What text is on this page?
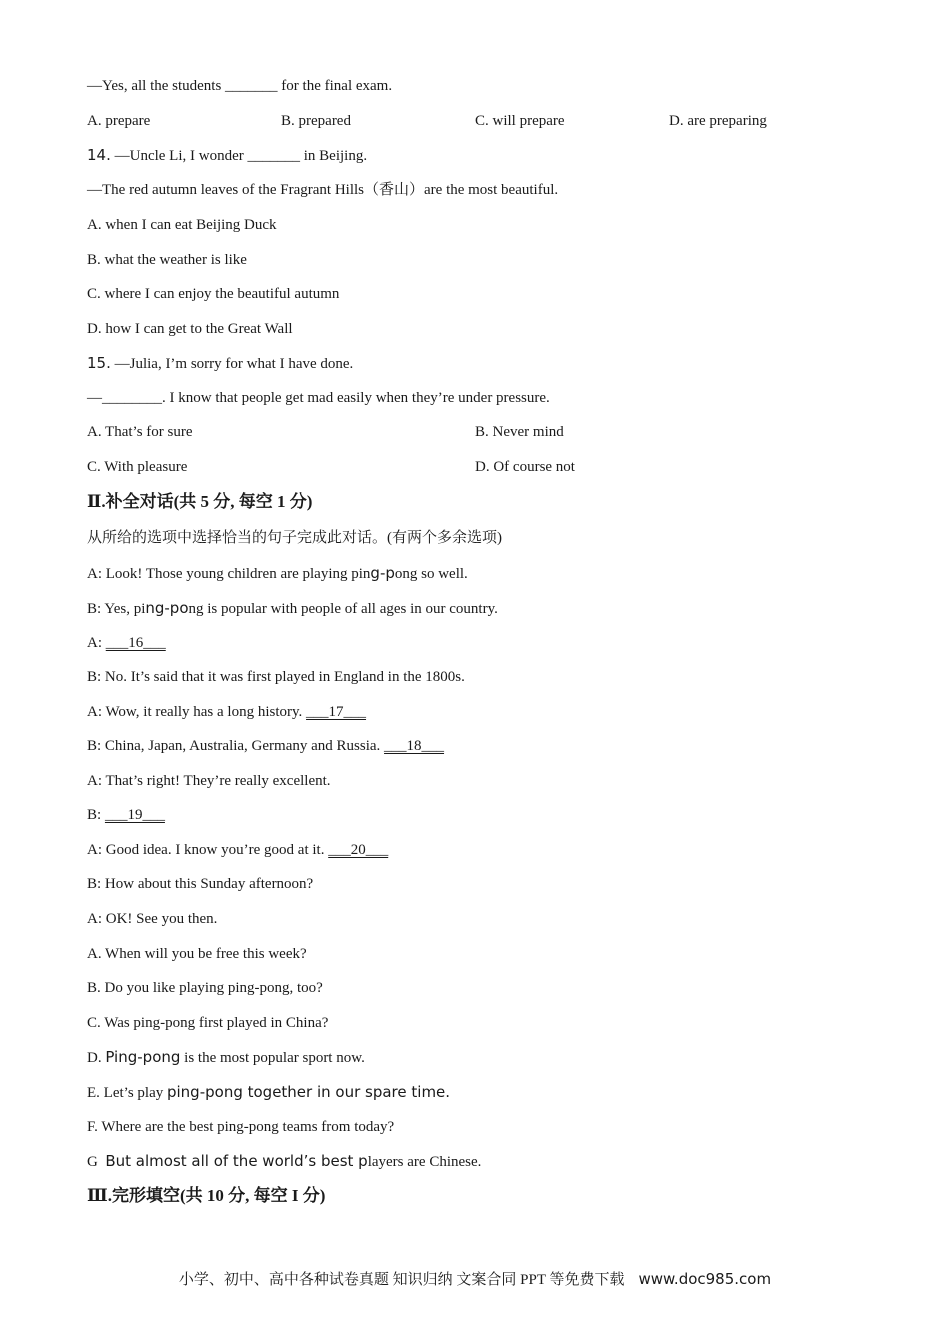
—Yes, all the students _______ for the final exam.
A. prepare	B. prepared	C. will prepare	D. are preparing
14. —Uncle Li, I wonder _______ in Beijing.
—The red autumn leaves of the Fragrant Hills（香山）are the most beautiful.
A. when I can eat Beijing Duck
B. what the weather is like
C. where I can enjoy the beautiful autumn
D. how I can get to the Great Wall
15. —Julia, I’m sorry for what I have done.
—________. I know that people get mad easily when they’re under pressure.
A. That’s for sure	B. Never mind
C. With pleasure	D. Of course not
Ⅱ.补全对话(共 5 分, 每空 1 分)
从所给的选项中选择恰当的句子完成此对话。(有两个多余选项)
A: Look! Those young children are playing ping-pong so well.
B: Yes, ping-pong is popular with people of all ages in our country.
A: ___16___
B: No. It’s said that it was first played in England in the 1800s.
A: Wow, it really has a long history. ___17___
B: China, Japan, Australia, Germany and Russia. ___18___
A: That’s right! They’re really excellent.
B: ___19___
A: Good idea. I know you’re good at it. ___20___
B: How about this Sunday afternoon?
A: OK! See you then.
A. When will you be free this week?
B. Do you like playing ping-pong, too?
C. Was ping-pong first played in China?
D. Ping-pong is the most popular sport now.
E. Let’s play ping-pong together in our spare time.
F. Where are the best ping-pong teams from today?
G  But almost all of the world’s best players are Chinese.
Ⅲ.完形填空(共 10 分, 每空 I 分)
小学、初中、高中各种试卷真题 知识归纳 文案合同 PPT 等免费下载 www.doc985.com
